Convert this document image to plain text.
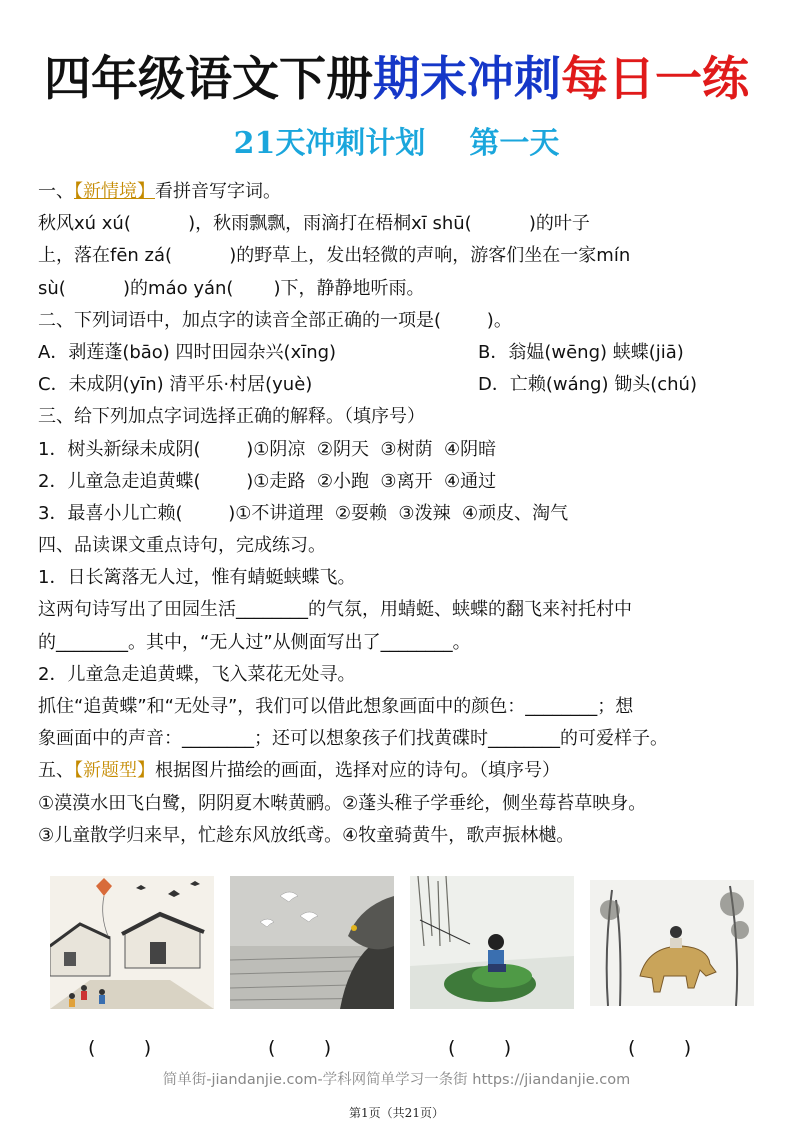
四年级语文下册期末冲刺每日一练
21天冲刺计划 第一天
一、【新情境】看拼音写字词。
秋风xú xú(          )，秋雨飘飘，雨滴打在梧桐xī shū(          )的叶子
上，落在fēn zá(          )的野草上，发出轻微的声响，游客们坐在一家mín
sù(          )的máo yán(       )下，静静地听雨。
二、下列词语中，加点字的读音全部正确的一项是(        )。
A．剥莲蓬(bāo) 四时田园杂兴(xīng)	B．翁媪(wēng) 蛱蝶(jiā)
C．未成阴(yīn) 清平乐·村居(yuè)	D．亡赖(wáng) 锄头(chú)
三、给下列加点字词选择正确的解释。（填序号）
1．树头新绿未成阴(        )①阴凉  ②阴天  ③树荫  ④阴暗
2．儿童急走追黄蝶(        )①走路  ②小跑  ③离开  ④通过
3．最喜小儿亡赖(        )①不讲道理  ②耍赖  ③泼辣  ④顽皮、淘气
四、品读课文重点诗句，完成练习。
1．日长篱落无人过，惟有蜻蜓蛱蝶飞。
这两句诗写出了田园生活________的气氛，用蜻蜓、蛱蝶的翻飞来衬托村中
的________。其中，“无人过”从侧面写出了________。
2．儿童急走追黄蝶，飞入菜花无处寻。
抓住“追黄蝶”和“无处寻”，我们可以借此想象画面中的颜色：________；想
象画面中的声音：________；还可以想象孩子们找黄碟时________的可爱样子。
五、【新题型】根据图片描绘的画面，选择对应的诗句。（填序号）
①漠漠水田飞白鹭，阴阴夏木啭黄鹂。②蓬头稚子学垂纶，侧坐莓苔草映身。
③儿童散学归来早，忙趁东风放纸鸢。④牧童骑黄牛，歌声振林樾。
(        )	(        )	(        )	(        )
简单街-jiandanjie.com-学科网简单学习一条街 https://jiandanjie.com
第1页（共21页）
